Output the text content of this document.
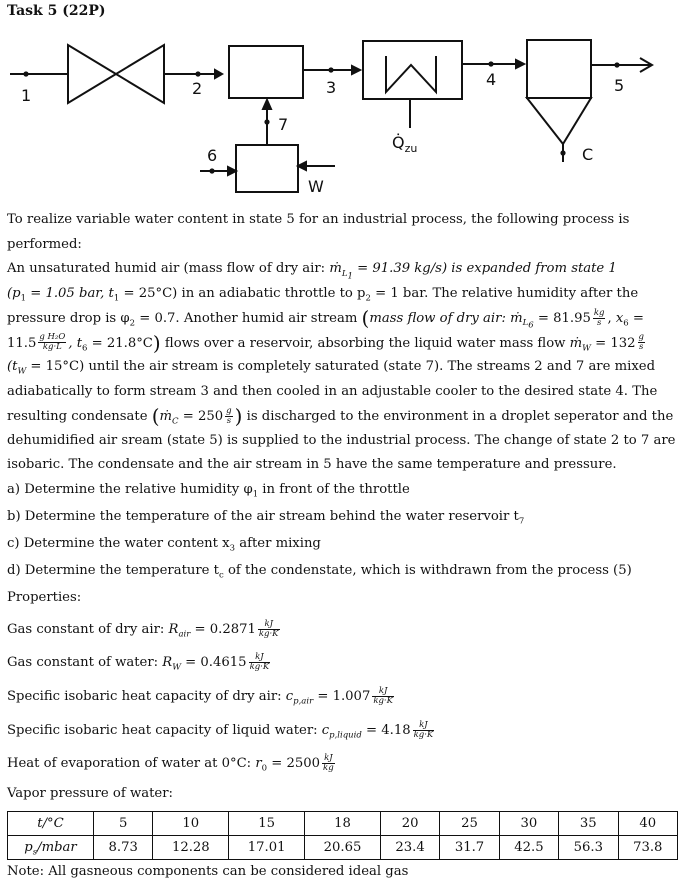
Task 5 (22P)
1	2	3	4	5
6
7
$Q̇_{zu}$	C
W
To realize variable water content in state 5 for an industrial process, the following process is
performed:
An unsaturated humid air (mass flow of dry air: ṁ$_{L_1}$ = 91.39 kg/s) is expanded from state 1
($p_1 = 1.05$ bar, $t_1 = 25^\circ C$) in an adiabatic throttle to $p_2 = 1$ bar. The relative humidity after the
pressure drop is $\varphi_2 = 0.7$. Another humid air stream (mass flow of dry air: ṁ$_{L_6}$ = $81.95 \frac{kg}{s}$ , $x_6$ =
$11.5 \frac{\text{g H₂O}}{kg\cdot L}$ , $t_6 = 21.8^\circ C$) flows over a reservoir, absorbing the liquid water mass flow ṁ$_W$ = $132 \frac{g}{s}$
$(t_W = 15^\circ C)$ until the air stream is completely saturated (state 7). The streams 2 and 7 are mixed
adiabatically to form stream 3 and then cooled in an adjustable cooler to the desired state 4. The
resulting condensate (ṁ$_C$ = $250 \frac{g}{s}$ ) is discharged to the environment in a droplet seperator and the
dehumidified air sream (state 5) is supplied to the industrial process. The change of state 2 to 7 are
isobaric. The condensate and the air stream in 5 have the same temperature and pressure.
a) Determine the relative humidity $\varphi_1$ in front of the throttle
b) Determine the temperature of the air stream behind the water reservoir $t_7$
c) Determine the water content $x_3$ after mixing
d) Determine the temperature $t_c$ of the condenstate, which is withdrawn from the process (5)
Properties:
Gas constant of dry air: $R_{air} = 0.2871 \frac{kJ}{kg\cdot K}$
Gas constant of water: $R_W = 0.4615 \frac{kJ}{kg\cdot K}$
Specific isobaric heat capacity of dry air: $c_{p,air} = 1.007 \frac{kJ}{kg\cdot K}$
Specific isobaric heat capacity of liquid water: $c_{p,liquid} = 4.18 \frac{kJ}{kg\cdot K}$
Heat of evaporation of water at 0°C: $r_0 = 2500 \frac{kJ}{kg}$
Vapor pressure of water:
t/°C	5	10	15	18	20	25	30	35	40
$p_s$/mbar	8.73	12.28	17.01	20.65	23.4	31.7	42.5	56.3	73.8
Note: All gasneous components can be considered ideal gas
